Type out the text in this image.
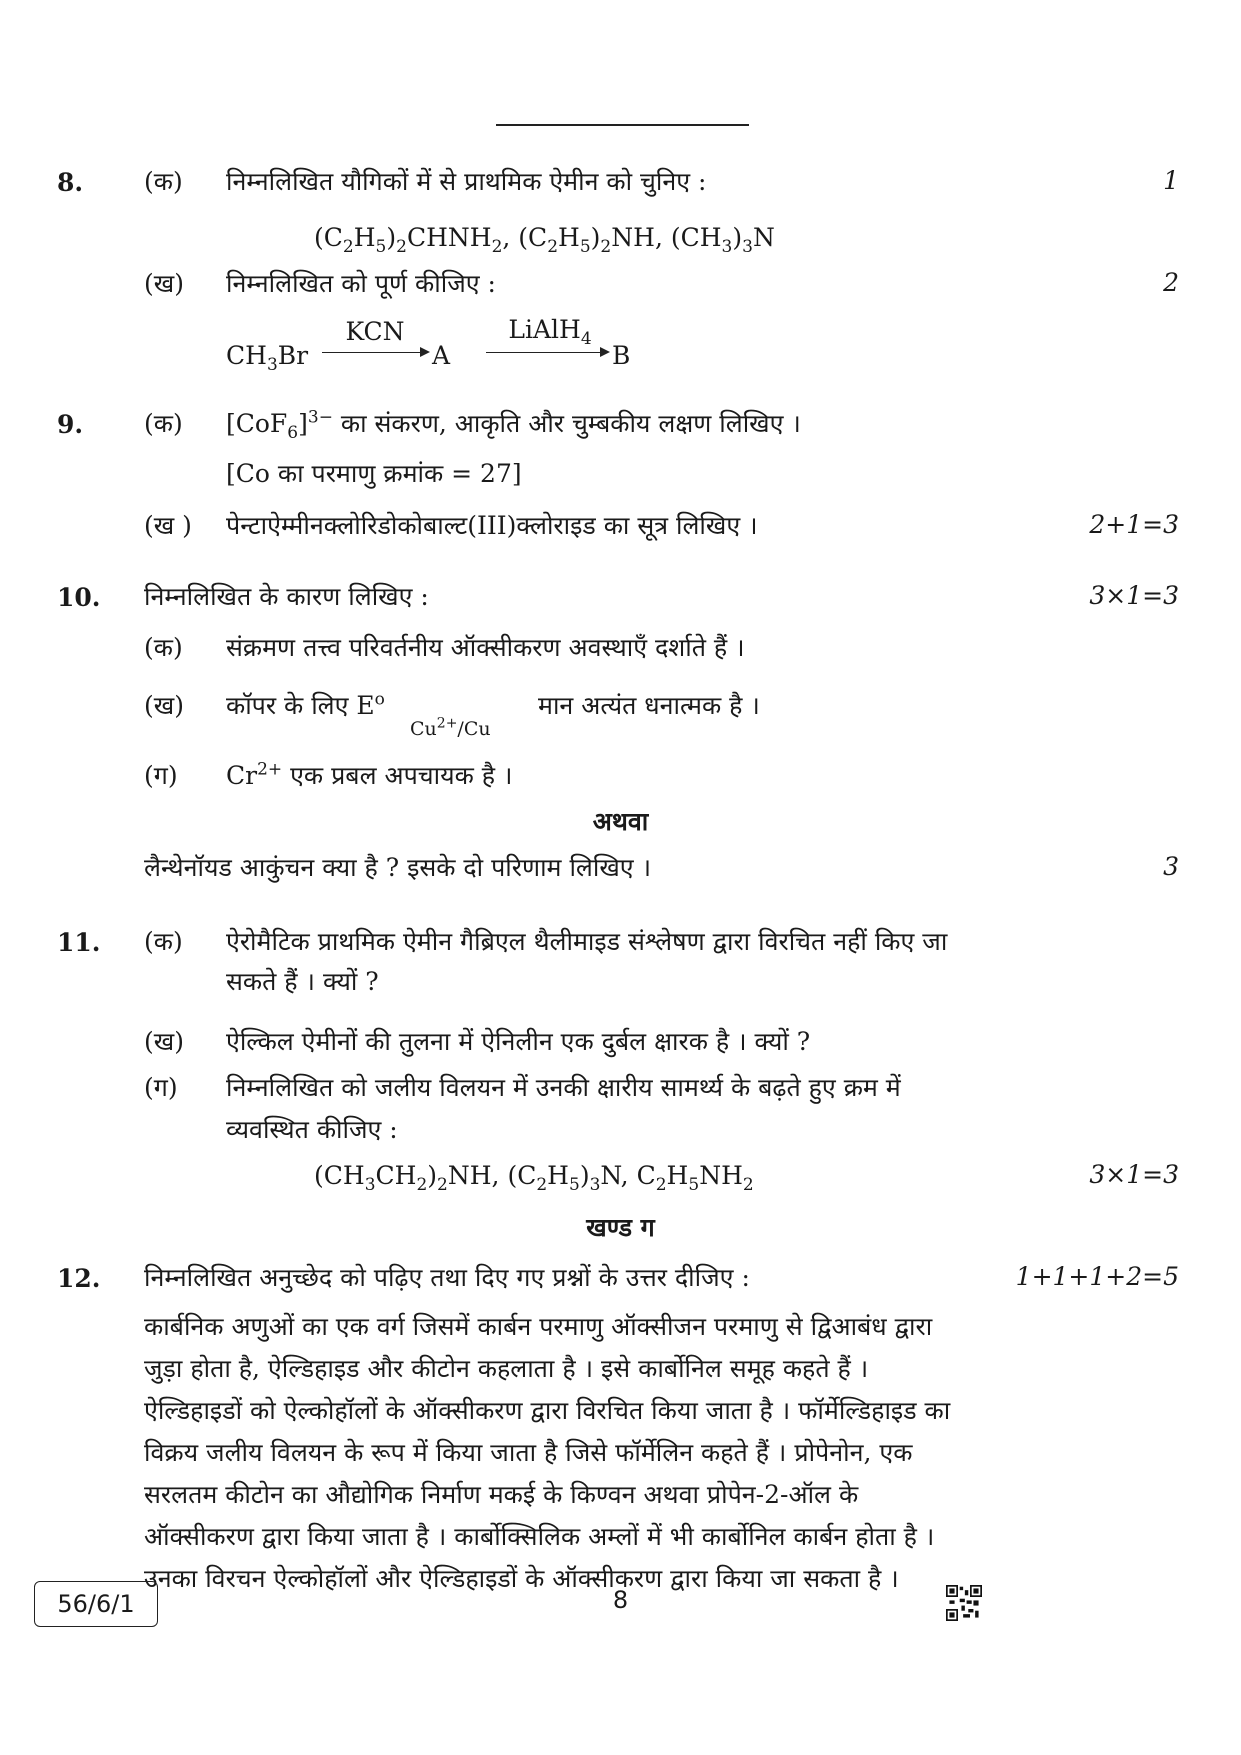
8. (क) निम्नलिखित यौगिकों में से प्राथमिक ऐमीन को चुनिए :	1
$(C_2H_5)_2CHNH_2$, $(C_2H_5)_2NH$, $(CH_3)_3N$
(ख) निम्नलिखित को पूर्ण कीजिए :	2
$CH_3Br$
KCN
A
LiAlH$_4$
B
9. (क) $[CoF_6]^{3-}$ का संकरण, आकृति और चुम्बकीय लक्षण लिखिए ।
[Co का परमाणु क्रमांक = 27]
(ख ) पेन्टाऐम्मीनक्लोरिडोकोबाल्ट(III)क्लोराइड का सूत्र लिखिए ।	2+1=3
10. निम्नलिखित के कारण लिखिए :	3×1=3
(क) संक्रमण तत्त्व परिवर्तनीय ऑक्सीकरण अवस्थाएँ दर्शाते हैं ।
(ख) कॉपर के लिए $E^o$
$Cu^{2+}/Cu$
मान अत्यंत धनात्मक है ।
(ग) $Cr^{2+}$ एक प्रबल अपचायक है ।
अथवा
लैन्थेनॉयड आकुंचन क्या है ? इसके दो परिणाम लिखिए ।	3
11. (क) ऐरोमैटिक प्राथमिक ऐमीन गैब्रिएल थैलीमाइड संश्लेषण द्वारा विरचित नहीं किए जा
सकते हैं । क्यों ?
(ख) ऐल्किल ऐमीनों की तुलना में ऐनिलीन एक दुर्बल क्षारक है । क्यों ?
(ग) निम्नलिखित को जलीय विलयन में उनकी क्षारीय सामर्थ्य के बढ़ते हुए क्रम में
व्यवस्थित कीजिए :
$(CH_3CH_2)_2NH$, $(C_2H_5)_3N$, $C_2H_5NH_2$	3×1=3
खण्ड ग
12. निम्नलिखित अनुच्छेद को पढ़िए तथा दिए गए प्रश्नों के उत्तर दीजिए :	1+1+1+2=5
कार्बनिक अणुओं का एक वर्ग जिसमें कार्बन परमाणु ऑक्सीजन परमाणु से द्विआबंध द्वारा
जुड़ा होता है, ऐल्डिहाइड और कीटोन कहलाता है । इसे कार्बोनिल समूह कहते हैं ।
ऐल्डिहाइडों को ऐल्कोहॉलों के ऑक्सीकरण द्वारा विरचित किया जाता है । फॉर्मेल्डिहाइड का
विक्रय जलीय विलयन के रूप में किया जाता है जिसे फॉर्मेलिन कहते हैं । प्रोपेनोन, एक
सरलतम कीटोन का औद्योगिक निर्माण मकई के किण्वन अथवा प्रोपेन-2-ऑल के
ऑक्सीकरण द्वारा किया जाता है । कार्बोक्सिलिक अम्लों में भी कार्बोनिल कार्बन होता है ।
उनका विरचन ऐल्कोहॉलों और ऐल्डिहाइडों के ऑक्सीकरण द्वारा किया जा सकता है ।
56/6/1	8
